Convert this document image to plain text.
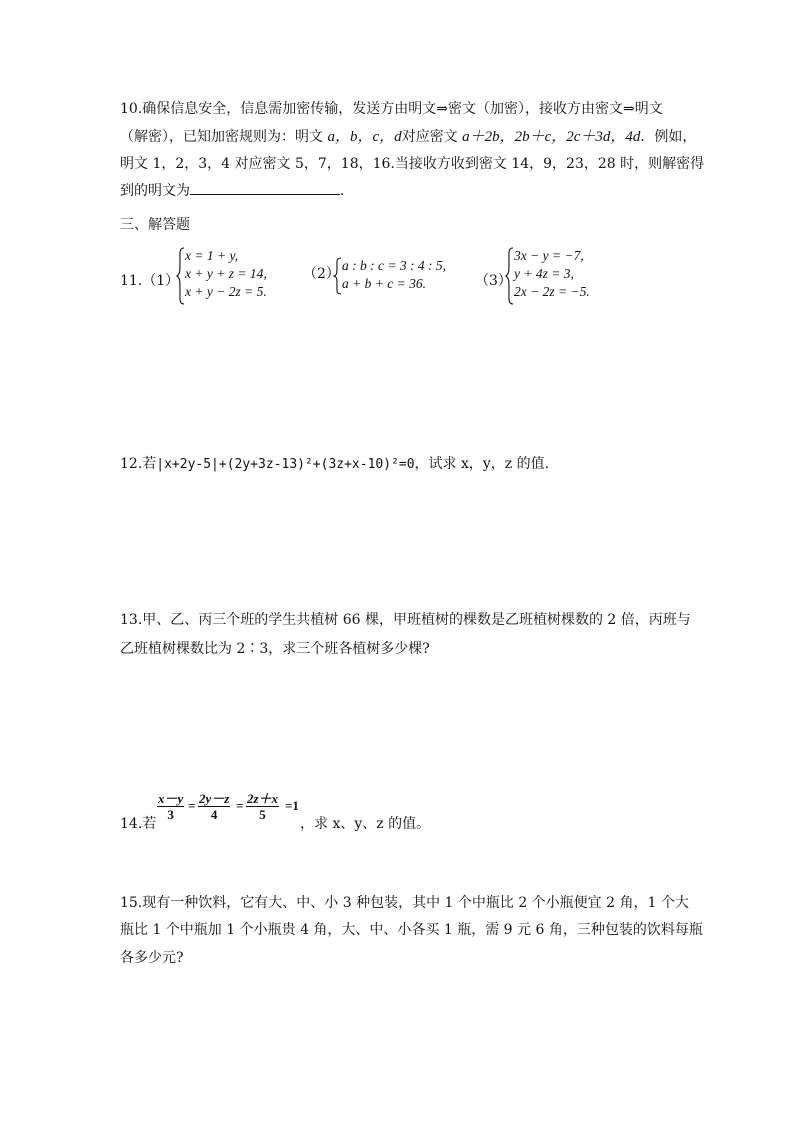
10.确保信息安全，信息需加密传输，发送方由明文⇒密文（加密），接收方由密文⇒明文
（解密），已知加密规则为：明文 a，b，c，d对应密文 a＋2b，2b＋c，2c＋3d，4d．例如，
明文 1，2，3，4 对应密文 5，7，18，16.当接收方收到密文 14，9，23，28 时，则解密得
到的明文为	．
三、解答题
11.（1）
x = 1 + y,
x + y + z = 14,
x + y − 2z = 5.
（2）
a : b : c = 3 : 4 : 5,
a + b + c = 36.	（3）
3x − y = −7,
y + 4z = 3,
2x − 2z = −5.
12.若|x+2y-5|+(2y+3z-13)²+(3z+x-10)²=0，试求 x，y，z 的值.
13.甲、乙、丙三个班的学生共植树 66 棵，甲班植树的棵数是乙班植树棵数的 2 倍，丙班与
乙班植树棵数比为 2∶3，求三个班各植树多少棵?
14.若
$\frac{x-y}{3} = \frac{2y-z}{4} = \frac{2z+x}{5} =1$
，求 x、y、z 的值。
15.现有一种饮料，它有大、中、小 3 种包装，其中 1 个中瓶比 2 个小瓶便宜 2 角，1 个大
瓶比 1 个中瓶加 1 个小瓶贵 4 角，大、中、小各买 1 瓶，需 9 元 6 角，三种包装的饮料每瓶
各多少元?
